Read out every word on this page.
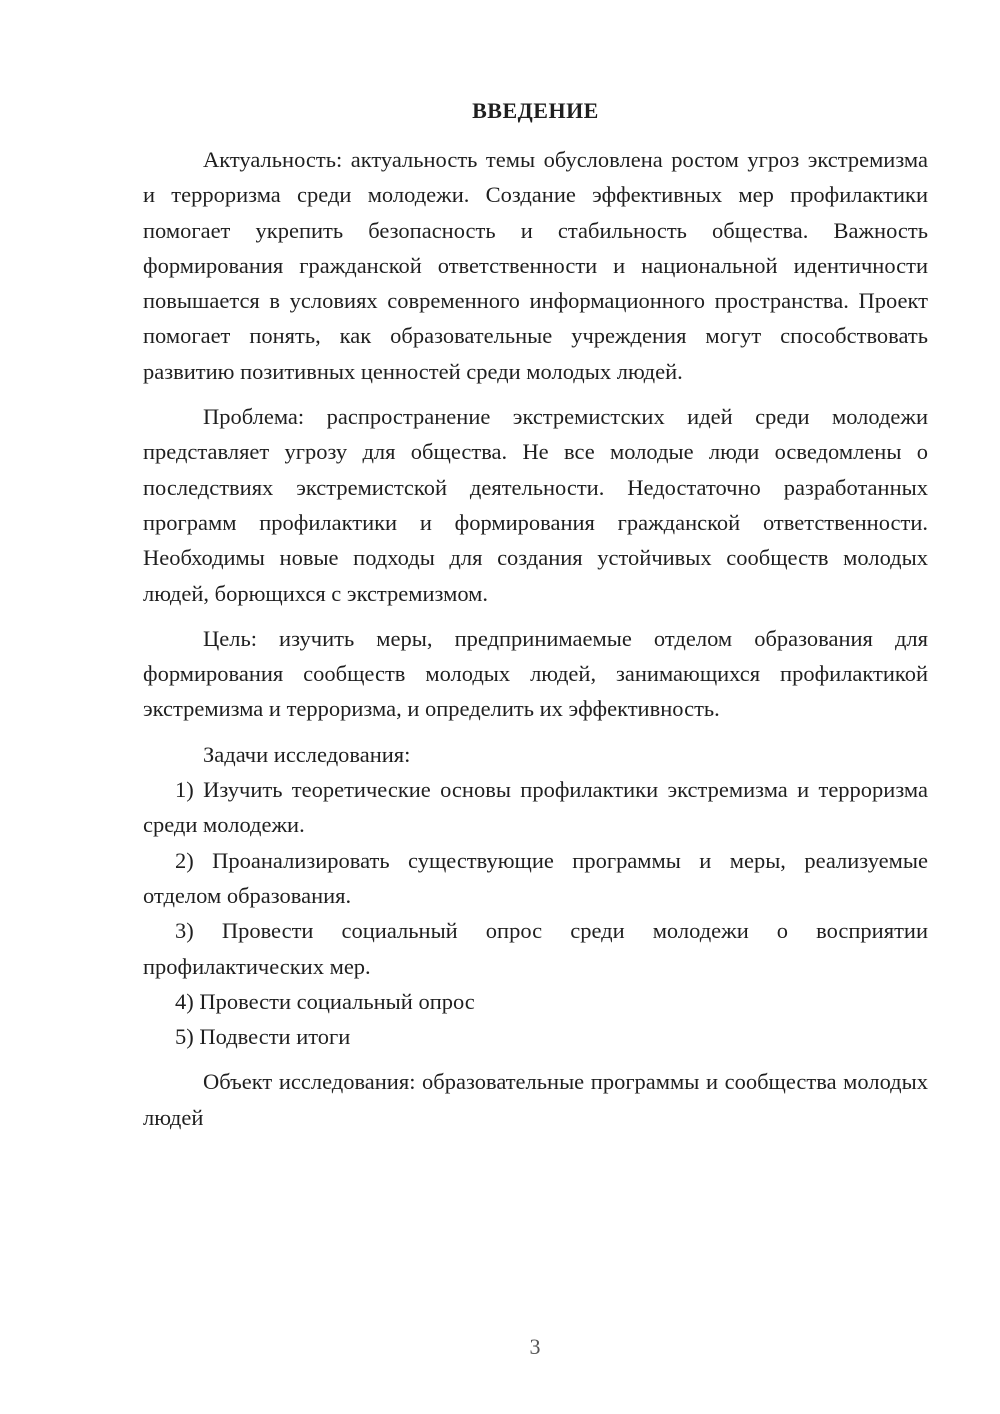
ВВЕДЕНИЕ

Актуальность: актуальность темы обусловлена ростом угроз экстремизма и терроризма среди молодежи. Создание эффективных мер профилактики помогает укрепить безопасность и стабильность общества. Важность формирования гражданской ответственности и национальной идентичности повышается в условиях современного информационного пространства. Проект помогает понять, как образовательные учреждения могут способствовать развитию позитивных ценностей среди молодых людей.

Проблема: распространение экстремистских идей среди молодежи представляет угрозу для общества. Не все молодые люди осведомлены о последствиях экстремистской деятельности. Недостаточно разработанных программ профилактики и формирования гражданской ответственности. Необходимы новые подходы для создания устойчивых сообществ молодых людей, борющихся с экстремизмом.

Цель: изучить меры, предпринимаемые отделом образования для формирования сообществ молодых людей, занимающихся профилактикой экстремизма и терроризма, и определить их эффективность.

Задачи исследования:

1) Изучить теоретические основы профилактики экстремизма и терроризма среди молодежи.

2) Проанализировать существующие программы и меры, реализуемые отделом образования.

3) Провести социальный опрос среди молодежи о восприятии профилактических мер.

4) Провести социальный опрос

5) Подвести итоги

Объект исследования: образовательные программы и сообщества молодых людей

3
